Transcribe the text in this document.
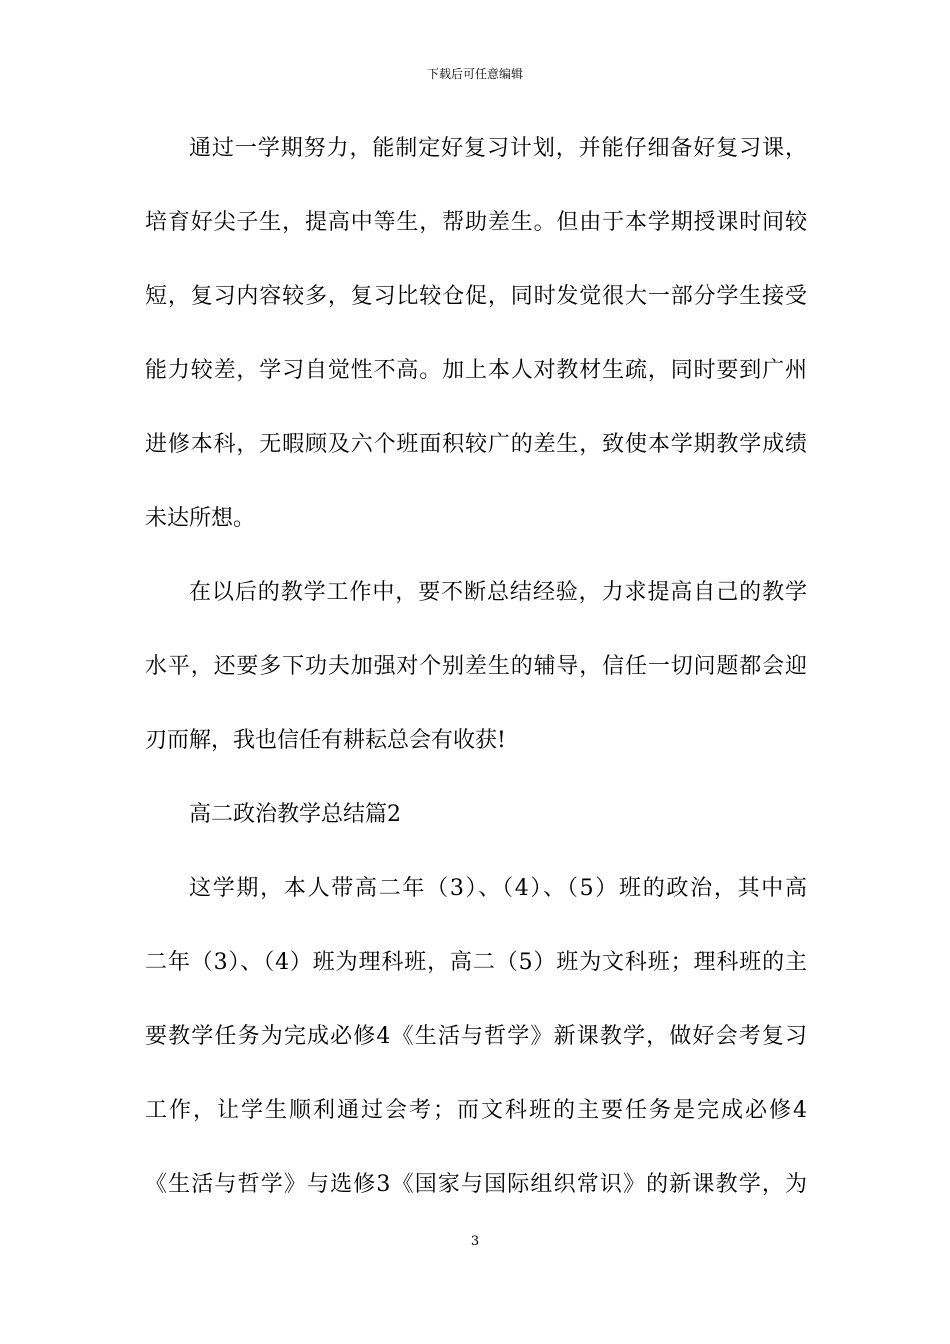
下载后可任意编辑
通过一学期努力，能制定好复习计划，并能仔细备好复习课，
培育好尖子生，提高中等生，帮助差生。但由于本学期授课时间较
短，复习内容较多，复习比较仓促，同时发觉很大一部分学生接受
能力较差，学习自觉性不高。加上本人对教材生疏，同时要到广州
进修本科，无暇顾及六个班面积较广的差生，致使本学期教学成绩
未达所想。
在以后的教学工作中，要不断总结经验，力求提高自己的教学
水平，还要多下功夫加强对个别差生的辅导，信任一切问题都会迎
刃而解，我也信任有耕耘总会有收获!
高二政治教学总结篇2
这学期，本人带高二年（3）、（4）、（5）班的政治，其中高
二年（3）、（4）班为理科班，高二（5）班为文科班；理科班的主
要教学任务为完成必修4《生活与哲学》新课教学，做好会考复习
工作，让学生顺利通过会考；而文科班的主要任务是完成必修4
《生活与哲学》与选修3《国家与国际组织常识》的新课教学，为
3
